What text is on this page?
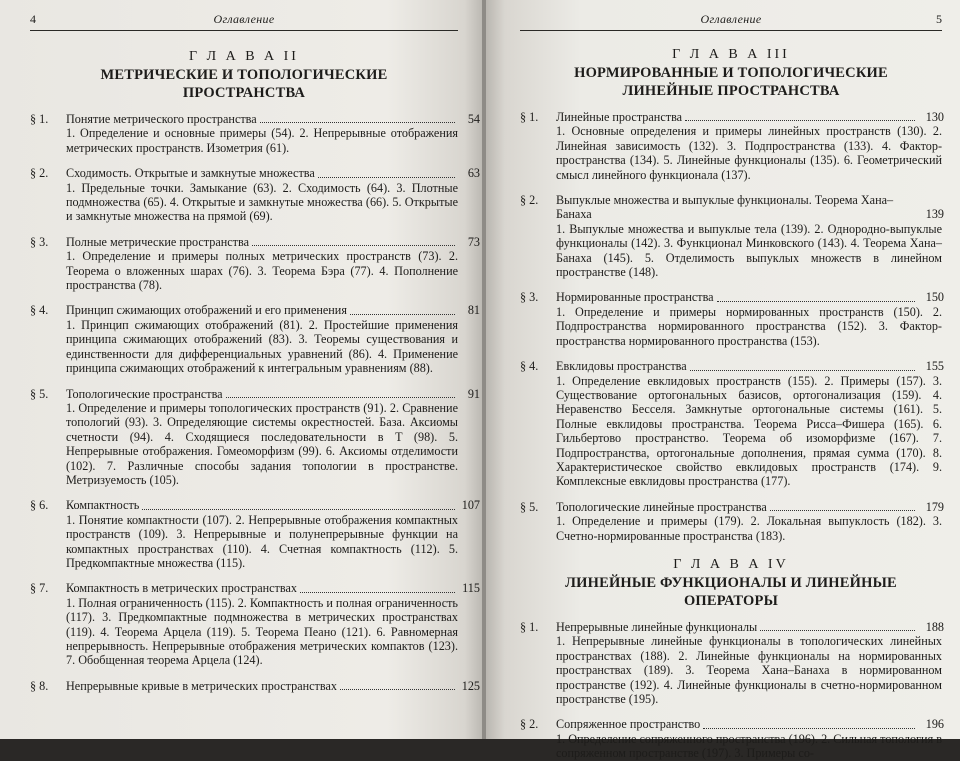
4	Оглавление
Г Л А В А II
МЕТРИЧЕСКИЕ И ТОПОЛОГИЧЕСКИЕ
ПРОСТРАНСТВА
§ 1. Понятие метрического пространства	54
1. Определение и основные примеры (54). 2. Непрерывные отображения метрических пространств. Изометрия (61).
§ 2. Сходимость. Открытые и замкнутые множества	63
1. Предельные точки. Замыкание (63). 2. Сходимость (64). 3. Плотные подмножества (65). 4. Открытые и замкнутые множества (66). 5. Открытые и замкнутые множества на прямой (69).
§ 3. Полные метрические пространства	73
1. Определение и примеры полных метрических пространств (73). 2. Теорема о вложенных шарах (76). 3. Теорема Бэра (77). 4. Пополнение пространства (78).
§ 4. Принцип сжимающих отображений и его применения	81
1. Принцип сжимающих отображений (81). 2. Простейшие применения принципа сжимающих отображений (83). 3. Теоремы существования и единственности для дифференциальных уравнений (86). 4. Применение принципа сжимающих отображений к интегральным уравнениям (88).
§ 5. Топологические пространства	91
1. Определение и примеры топологических пространств (91). 2. Сравнение топологий (93). 3. Определяющие системы окрестностей. База. Аксиомы счетности (94). 4. Сходящиеся последовательности в T (98). 5. Непрерывные отображения. Гомеоморфизм (99). 6. Аксиомы отделимости (102). 7. Различные способы задания топологии в пространстве. Метризуемость (105).
§ 6. Компактность	107
1. Понятие компактности (107). 2. Непрерывные отображения компактных пространств (109). 3. Непрерывные и полунепрерывные функции на компактных пространствах (110). 4. Счетная компактность (112). 5. Предкомпактные множества (115).
§ 7. Компактность в метрических пространствах	115
1. Полная ограниченность (115). 2. Компактность и полная ограниченность (117). 3. Предкомпактные подмножества в метрических пространствах (119). 4. Теорема Арцела (119). 5. Теорема Пеано (121). 6. Равномерная непрерывность. Непрерывные отображения метрических компактов (123). 7. Обобщенная теорема Арцела (124).
§ 8. Непрерывные кривые в метрических пространствах	125
Оглавление	5
Г Л А В А III
НОРМИРОВАННЫЕ И ТОПОЛОГИЧЕСКИЕ
ЛИНЕЙНЫЕ ПРОСТРАНСТВА
§ 1. Линейные пространства	130
1. Основные определения и примеры линейных пространств (130). 2. Линейная зависимость (132). 3. Подпространства (133). 4. Фактор-пространства (134). 5. Линейные функционалы (135). 6. Геометрический смысл линейного функционала (137).
§ 2. Выпуклые множества и выпуклые функционалы. Теорема Хана–Банаха	139
1. Выпуклые множества и выпуклые тела (139). 2. Однородно-выпуклые функционалы (142). 3. Функционал Минковского (143). 4. Теорема Хана–Банаха (145). 5. Отделимость выпуклых множеств в линейном пространстве (148).
§ 3. Нормированные пространства	150
1. Определение и примеры нормированных пространств (150). 2. Подпространства нормированного пространства (152). 3. Фактор-пространства нормированного пространства (153).
§ 4. Евклидовы пространства	155
1. Определение евклидовых пространств (155). 2. Примеры (157). 3. Существование ортогональных базисов, ортогонализация (159). 4. Неравенство Бесселя. Замкнутые ортогональные системы (161). 5. Полные евклидовы пространства. Теорема Рисса–Фишера (165). 6. Гильбертово пространство. Теорема об изоморфизме (167). 7. Подпространства, ортогональные дополнения, прямая сумма (170). 8. Характеристическое свойство евклидовых пространств (174). 9. Комплексные евклидовы пространства (177).
§ 5. Топологические линейные пространства	179
1. Определение и примеры (179). 2. Локальная выпуклость (182). 3. Счетно-нормированные пространства (183).
Г Л А В А IV
ЛИНЕЙНЫЕ ФУНКЦИОНАЛЫ И ЛИНЕЙНЫЕ
ОПЕРАТОРЫ
§ 1. Непрерывные линейные функционалы	188
1. Непрерывные линейные функционалы в топологических линейных пространствах (188). 2. Линейные функционалы на нормированных пространствах (189). 3. Теорема Хана–Банаха в нормированном пространстве (192). 4. Линейные функционалы в счетно-нормированном пространстве (195).
§ 2. Сопряженное пространство	196
1. Определение сопряженного пространства (196). 2. Сильная топология в сопряженном пространстве (197). 3. Примеры со-
